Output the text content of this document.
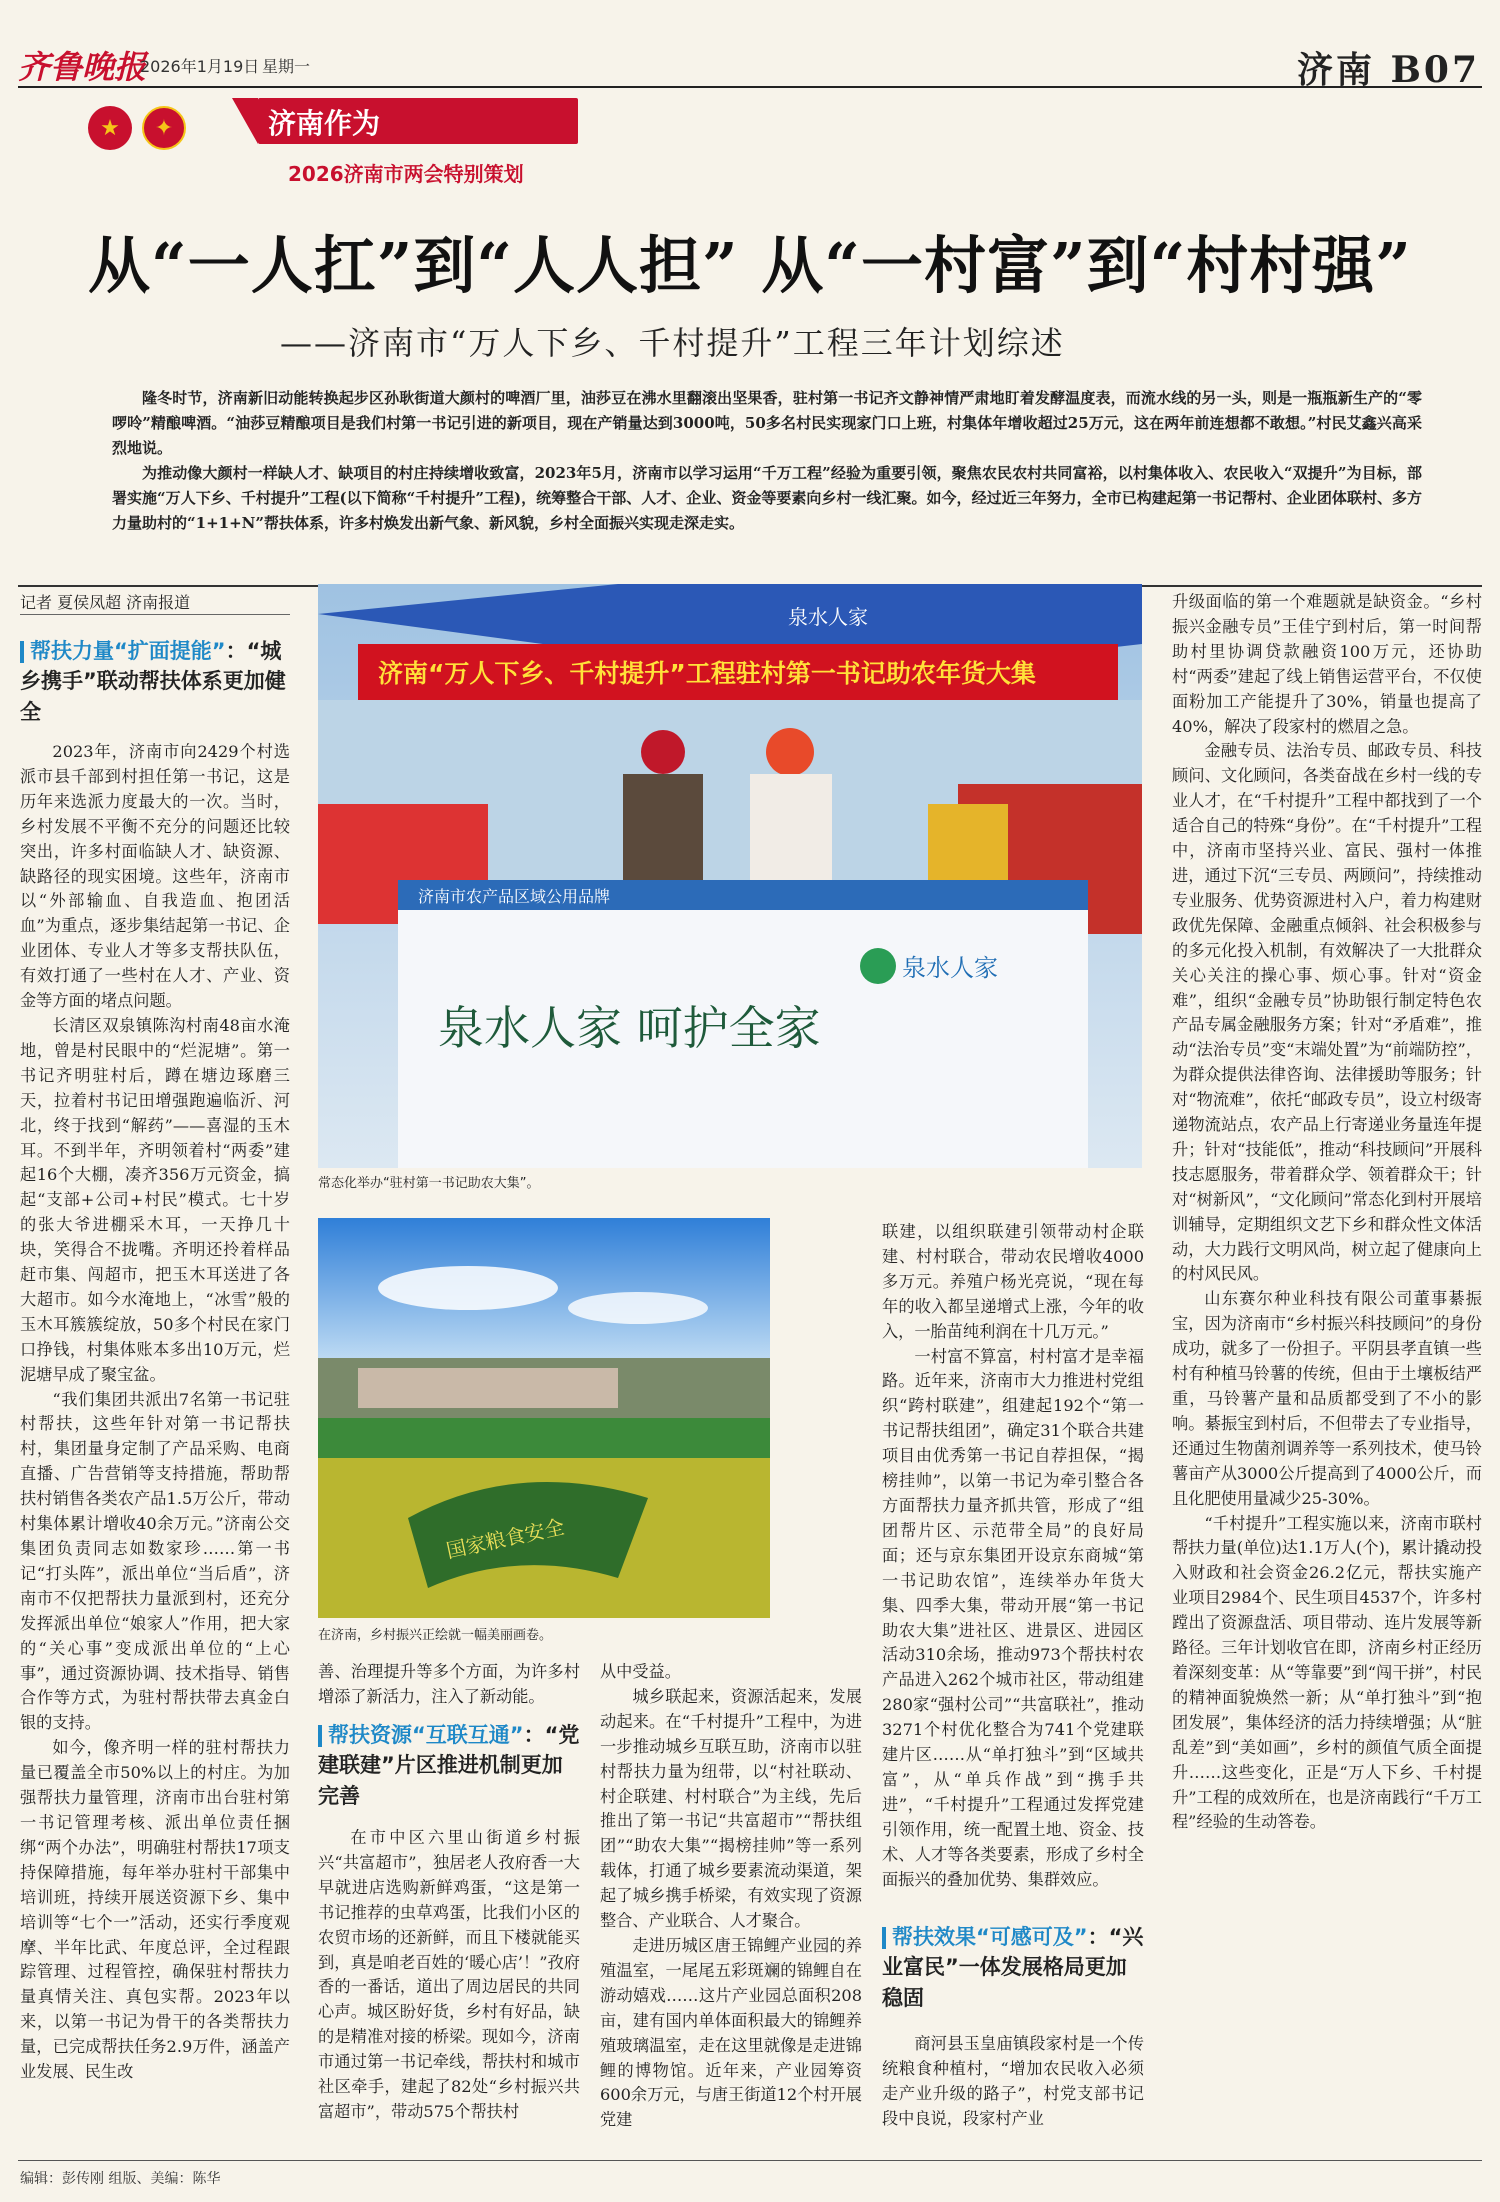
齐鲁晚报
2026年1月19日 星期一	济南 B07
★	✦	济南作为
2026济南市两会特别策划
从“一人扛”到“人人担” 从“一村富”到“村村强”
——济南市“万人下乡、千村提升”工程三年计划综述

隆冬时节，济南新旧动能转换起步区孙耿街道大颜村的啤酒厂里，油莎豆在沸水里翻滚出坚果香，驻村第一书记齐文静神情严肃地盯着发酵温度表，而流水线的另一头，则是一瓶瓶新生产的“零啰呤”精酿啤酒。“油莎豆精酿项目是我们村第一书记引进的新项目，现在产销量达到3000吨，50多名村民实现家门口上班，村集体年增收超过25万元，这在两年前连想都不敢想。”村民艾鑫兴高采烈地说。

为推动像大颜村一样缺人才、缺项目的村庄持续增收致富，2023年5月，济南市以学习运用“千万工程”经验为重要引领，聚焦农民农村共同富裕，以村集体收入、农民收入“双提升”为目标，部署实施“万人下乡、千村提升”工程(以下简称“千村提升”工程)，统筹整合干部、人才、企业、资金等要素向乡村一线汇聚。如今，经过近三年努力，全市已构建起第一书记帮村、企业团体联村、多方力量助村的“1+1+N”帮扶体系，许多村焕发出新气象、新风貌，乡村全面振兴实现走深走实。

记者 夏侯凤超 济南报道
帮扶力量“扩面提能”：“城乡携手”联动帮扶体系更加健全

2023年，济南市向2429个村选派市县千部到村担任第一书记，这是历年来选派力度最大的一次。当时，乡村发展不平衡不充分的问题还比较突出，许多村面临缺人才、缺资源、缺路径的现实困境。这些年，济南市以“外部输血、自我造血、抱团活血”为重点，逐步集结起第一书记、企业团体、专业人才等多支帮扶队伍，有效打通了一些村在人才、产业、资金等方面的堵点问题。

长清区双泉镇陈沟村南48亩水淹地，曾是村民眼中的“烂泥塘”。第一书记齐明驻村后，蹲在塘边琢磨三天，拉着村书记田增强跑遍临沂、河北，终于找到“解药”——喜湿的玉木耳。不到半年，齐明领着村“两委”建起16个大棚，凑齐356万元资金，搞起“支部+公司+村民”模式。七十岁的张大爷进棚采木耳，一天挣几十块，笑得合不拢嘴。齐明还拎着样品赶市集、闯超市，把玉木耳送进了各大超市。如今水淹地上，“冰雪”般的玉木耳簇簇绽放，50多个村民在家门口挣钱，村集体账本多出10万元，烂泥塘早成了聚宝盆。

“我们集团共派出7名第一书记驻村帮扶，这些年针对第一书记帮扶村，集团量身定制了产品采购、电商直播、广告营销等支持措施，帮助帮扶村销售各类农产品1.5万公斤，带动村集体累计增收40余万元。”济南公交集团负责同志如数家珍……第一书记“打头阵”，派出单位“当后盾”，济南市不仅把帮扶力量派到村，还充分发挥派出单位“娘家人”作用，把大家的“关心事”变成派出单位的“上心事”，通过资源协调、技术指导、销售合作等方式，为驻村帮扶带去真金白银的支持。

如今，像齐明一样的驻村帮扶力量已覆盖全市50%以上的村庄。为加强帮扶力量管理，济南市出台驻村第一书记管理考核、派出单位责任捆绑“两个办法”，明确驻村帮扶17项支持保障措施，每年举办驻村干部集中培训班，持续开展送资源下乡、集中培训等“七个一”活动，还实行季度观摩、半年比武、年度总评，全过程跟踪管理、过程管控，确保驻村帮扶力量真情关注、真包实帮。2023年以来，以第一书记为骨干的各类帮扶力量，已完成帮扶任务2.9万件，涵盖产业发展、民生改

泉水人家
济南“万人下乡、千村提升”工程驻村第一书记助农年货大集
济南市农产品区域公用品牌
泉水人家 呵护全家
泉水人家
常态化举办“驻村第一书记助农大集”。
国家粮食安全
在济南，乡村振兴正绘就一幅美丽画卷。

善、治理提升等多个方面，为许多村增添了新活力，注入了新动能。

帮扶资源“互联互通”：“党建联建”片区推进机制更加完善

在市中区六里山街道乡村振兴“共富超市”，独居老人孜府香一大早就进店选购新鲜鸡蛋，“这是第一书记推荐的虫草鸡蛋，比我们小区的农贸市场的还新鲜，而且下楼就能买到，真是咱老百姓的‘暖心店’！”孜府香的一番话，道出了周边居民的共同心声。城区盼好货，乡村有好品，缺的是精准对接的桥梁。现如今，济南市通过第一书记牵线，帮扶村和城市社区牵手，建起了82处“乡村振兴共富超市”，带动575个帮扶村

从中受益。

城乡联起来，资源活起来，发展动起来。在“千村提升”工程中，为进一步推动城乡互联互助，济南市以驻村帮扶力量为纽带，以“村社联动、村企联建、村村联合”为主线，先后推出了第一书记“共富超市”“帮扶组团”“助农大集”“揭榜挂帅”等一系列载体，打通了城乡要素流动渠道，架起了城乡携手桥梁，有效实现了资源整合、产业联合、人才聚合。

走进历城区唐王锦鲤产业园的养殖温室，一尾尾五彩斑斓的锦鲤自在游动嬉戏……这片产业园总面积208亩，建有国内单体面积最大的锦鲤养殖玻璃温室，走在这里就像是走进锦鲤的博物馆。近年来，产业园筹资600余万元，与唐王街道12个村开展党建

联建，以组织联建引领带动村企联建、村村联合，带动农民增收4000多万元。养殖户杨光亮说，“现在每年的收入都呈递增式上涨，今年的收入，一胎苗纯利润在十几万元。”

一村富不算富，村村富才是幸福路。近年来，济南市大力推进村党组织“跨村联建”，组建起192个“第一书记帮扶组团”，确定31个联合共建项目由优秀第一书记自荐担保，“揭榜挂帅”，以第一书记为牵引整合各方面帮扶力量齐抓共管，形成了“组团帮片区、示范带全局”的良好局面；还与京东集团开设京东商城“第一书记助农馆”，连续举办年货大集、四季大集，带动开展“第一书记助农大集”进社区、进景区、进园区活动310余场，推动973个帮扶村农产品进入262个城市社区，带动组建280家“强村公司”“共富联社”，推动3271个村优化整合为741个党建联建片区……从“单打独斗”到“区域共富”，从“单兵作战”到“携手共进”，“千村提升”工程通过发挥党建引领作用，统一配置土地、资金、技术、人才等各类要素，形成了乡村全面振兴的叠加优势、集群效应。

帮扶效果“可感可及”：“兴业富民”一体发展格局更加稳固

商河县玉皇庙镇段家村是一个传统粮食种植村，“增加农民收入必须走产业升级的路子”，村党支部书记段中良说，段家村产业

升级面临的第一个难题就是缺资金。“乡村振兴金融专员”王佳宁到村后，第一时间帮助村里协调贷款融资100万元，还协助村“两委”建起了线上销售运营平台，不仅使面粉加工产能提升了30%，销量也提高了40%，解决了段家村的燃眉之急。

金融专员、法治专员、邮政专员、科技顾问、文化顾问，各类奋战在乡村一线的专业人才，在“千村提升”工程中都找到了一个适合自己的特殊“身份”。在“千村提升”工程中，济南市坚持兴业、富民、强村一体推进，通过下沉“三专员、两顾问”，持续推动专业服务、优势资源进村入户，着力构建财政优先保障、金融重点倾斜、社会积极参与的多元化投入机制，有效解决了一大批群众关心关注的操心事、烦心事。针对“资金难”，组织“金融专员”协助银行制定特色农产品专属金融服务方案；针对“矛盾难”，推动“法治专员”变“末端处置”为“前端防控”，为群众提供法律咨询、法律援助等服务；针对“物流难”，依托“邮政专员”，设立村级寄递物流站点，农产品上行寄递业务量连年提升；针对“技能低”，推动“科技顾问”开展科技志愿服务，带着群众学、领着群众干；针对“树新风”，“文化顾问”常态化到村开展培训辅导，定期组织文艺下乡和群众性文体活动，大力践行文明风尚，树立起了健康向上的村风民风。

山东赛尔种业科技有限公司董事綦振宝，因为济南市“乡村振兴科技顾问”的身份成功，就多了一份担子。平阴县孝直镇一些村有种植马铃薯的传统，但由于土壤板结严重，马铃薯产量和品质都受到了不小的影响。綦振宝到村后，不但带去了专业指导，还通过生物菌剂调养等一系列技术，使马铃薯亩产从3000公斤提高到了4000公斤，而且化肥使用量减少25-30%。

“千村提升”工程实施以来，济南市联村帮扶力量(单位)达1.1万人(个)，累计撬动投入财政和社会资金26.2亿元，帮扶实施产业项目2984个、民生项目4537个，许多村蹚出了资源盘活、项目带动、连片发展等新路径。三年计划收官在即，济南乡村正经历着深刻变革：从“等靠要”到“闯干拼”，村民的精神面貌焕然一新；从“单打独斗”到“抱团发展”，集体经济的活力持续增强；从“脏乱差”到“美如画”，乡村的颜值气质全面提升……这些变化，正是“万人下乡、千村提升”工程的成效所在，也是济南践行“千万工程”经验的生动答卷。

编辑：彭传刚 组版、美编：陈华
